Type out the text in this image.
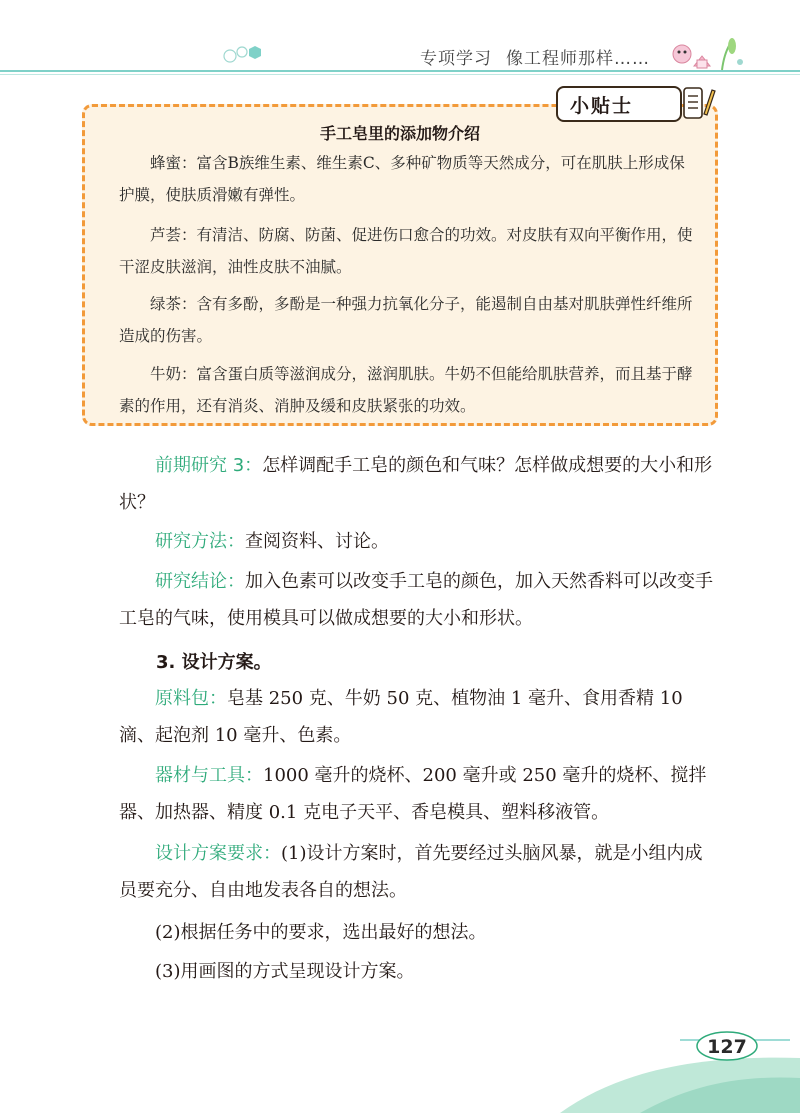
专项学习 像工程师那样……
小贴士
手工皂里的添加物介绍

蜂蜜：富含B族维生素、维生素C、多种矿物质等天然成分，可在肌肤上形成保护膜，使肤质滑嫩有弹性。

芦荟：有清洁、防腐、防菌、促进伤口愈合的功效。对皮肤有双向平衡作用，使干涩皮肤滋润，油性皮肤不油腻。

绿茶：含有多酚，多酚是一种强力抗氧化分子，能遏制自由基对肌肤弹性纤维所造成的伤害。

牛奶：富含蛋白质等滋润成分，滋润肌肤。牛奶不但能给肌肤营养，而且基于酵素的作用，还有消炎、消肿及缓和皮肤紧张的功效。

前期研究 3：怎样调配手工皂的颜色和气味？怎样做成想要的大小和形状？

研究方法：查阅资料、讨论。

研究结论：加入色素可以改变手工皂的颜色，加入天然香料可以改变手工皂的气味，使用模具可以做成想要的大小和形状。

3. 设计方案。

原料包：皂基 250 克、牛奶 50 克、植物油 1 毫升、食用香精 10 滴、起泡剂 10 毫升、色素。

器材与工具：1000 毫升的烧杯、200 毫升或 250 毫升的烧杯、搅拌器、加热器、精度 0.1 克电子天平、香皂模具、塑料移液管。

设计方案要求：(1)设计方案时，首先要经过头脑风暴，就是小组内成员要充分、自由地发表各自的想法。

(2)根据任务中的要求，选出最好的想法。

(3)用画图的方式呈现设计方案。

127
